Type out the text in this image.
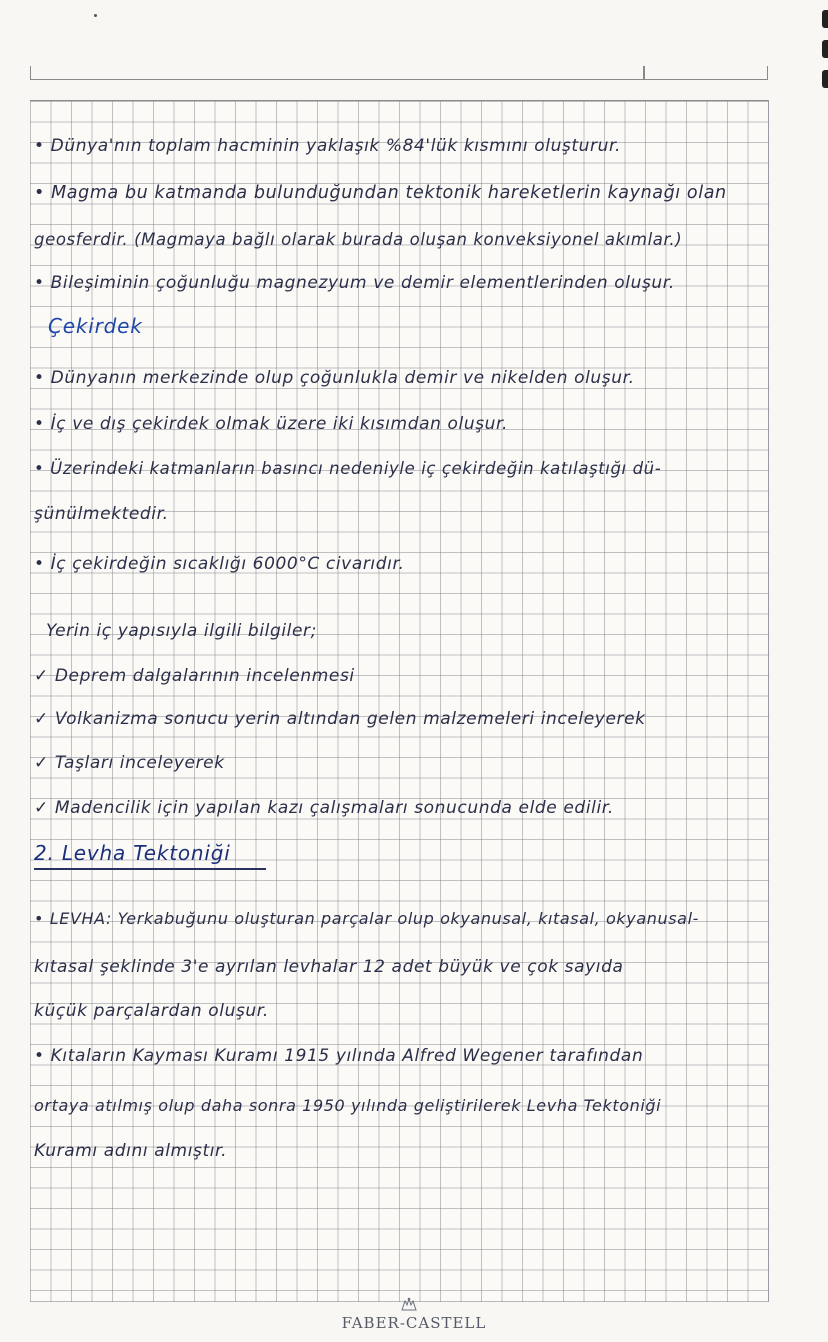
• Dünya'nın toplam hacminin yaklaşık %84'lük kısmını oluşturur.
• Magma bu katmanda bulunduğundan tektonik hareketlerin kaynağı olan
geosferdir. (Magmaya bağlı olarak burada oluşan konveksiyonel akımlar.)
• Bileşiminin çoğunluğu magnezyum ve demir elementlerinden oluşur.
Çekirdek
• Dünyanın merkezinde olup çoğunlukla demir ve nikelden oluşur.
• İç ve dış çekirdek olmak üzere iki kısımdan oluşur.
• Üzerindeki katmanların basıncı nedeniyle iç çekirdeğin katılaştığı dü-
şünülmektedir.
• İç çekirdeğin sıcaklığı 6000°C civarıdır.
Yerin iç yapısıyla ilgili bilgiler;
✓ Deprem dalgalarının incelenmesi
✓ Volkanizma sonucu yerin altından gelen malzemeleri inceleyerek
✓ Taşları inceleyerek
✓ Madencilik için yapılan kazı çalışmaları sonucunda elde edilir.
2. Levha Tektoniği
• LEVHA: Yerkabuğunu oluşturan parçalar olup okyanusal, kıtasal, okyanusal-
kıtasal şeklinde 3'e ayrılan levhalar 12 adet büyük ve çok sayıda
küçük parçalardan oluşur.
• Kıtaların Kayması Kuramı 1915 yılında Alfred Wegener tarafından
ortaya atılmış olup daha sonra 1950 yılında geliştirilerek Levha Tektoniği
Kuramı adını almıştır.
FABER-CASTELL
